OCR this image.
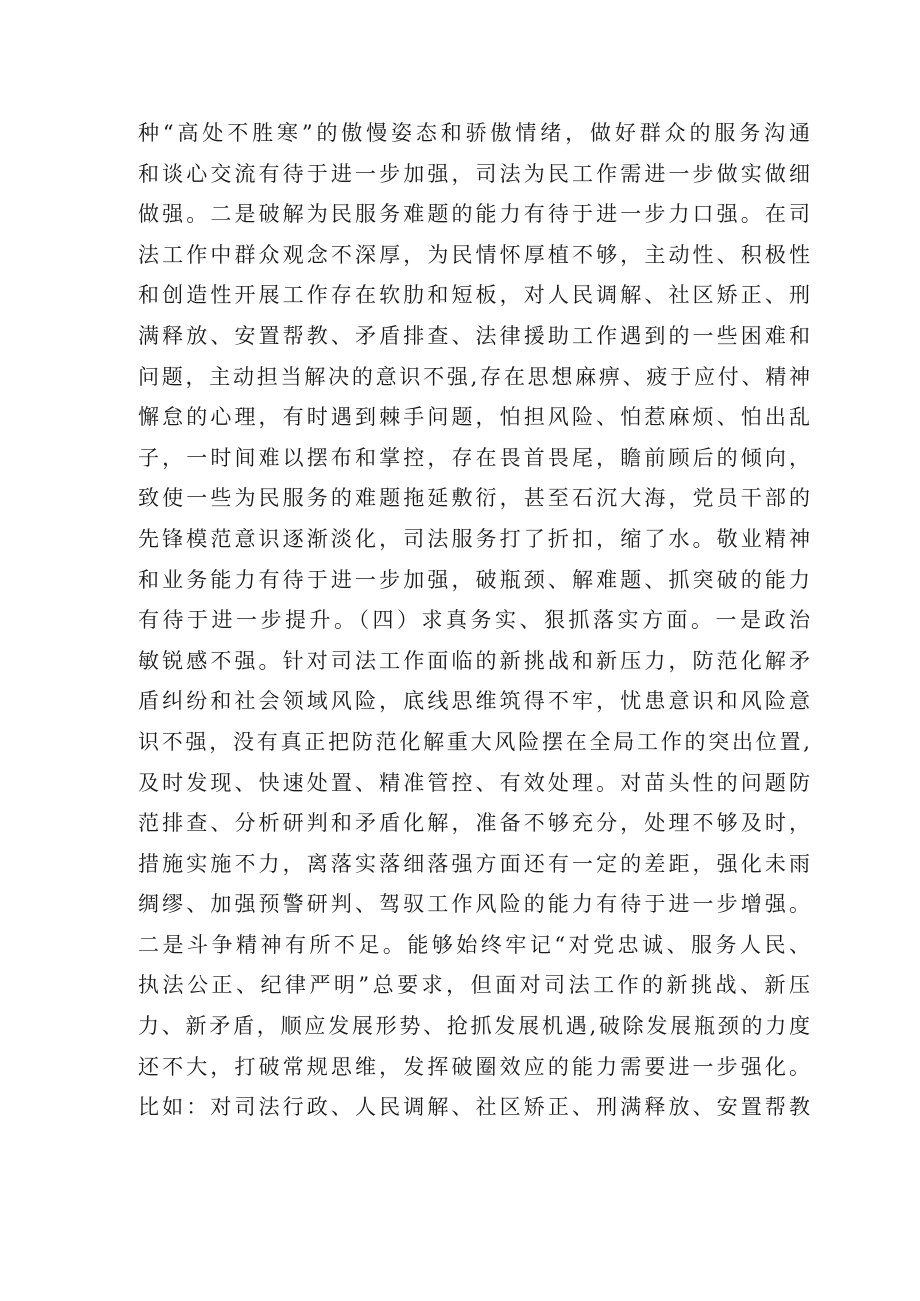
种“高处不胜寒”的傲慢姿态和骄傲情绪，做好群众的服务沟通
和谈心交流有待于进一步加强，司法为民工作需进一步做实做细
做强。二是破解为民服务难题的能力有待于进一步力口强。在司
法工作中群众观念不深厚，为民情怀厚植不够，主动性、积极性
和创造性开展工作存在软肋和短板，对人民调解、社区矫正、刑
满释放、安置帮教、矛盾排查、法律援助工作遇到的一些困难和
问题，主动担当解决的意识不强,存在思想麻痹、疲于应付、精神
懈怠的心理，有时遇到棘手问题，怕担风险、怕惹麻烦、怕出乱
子，一时间难以摆布和掌控，存在畏首畏尾，瞻前顾后的倾向，
致使一些为民服务的难题拖延敷衍，甚至石沉大海，党员干部的
先锋模范意识逐渐淡化，司法服务打了折扣，缩了水。敬业精神
和业务能力有待于进一步加强，破瓶颈、解难题、抓突破的能力
有待于进一步提升。（四）求真务实、狠抓落实方面。一是政治
敏锐感不强。针对司法工作面临的新挑战和新压力，防范化解矛
盾纠纷和社会领域风险，底线思维筑得不牢，忧患意识和风险意
识不强，没有真正把防范化解重大风险摆在全局工作的突出位置,
及时发现、快速处置、精准管控、有效处理。对苗头性的问题防
范排查、分析研判和矛盾化解，准备不够充分，处理不够及时，
措施实施不力，离落实落细落强方面还有一定的差距，强化未雨
绸缪、加强预警研判、驾驭工作风险的能力有待于进一步增强。
二是斗争精神有所不足。能够始终牢记“对党忠诚、服务人民、
执法公正、纪律严明”总要求，但面对司法工作的新挑战、新压
力、新矛盾，顺应发展形势、抢抓发展机遇,破除发展瓶颈的力度
还不大，打破常规思维，发挥破圈效应的能力需要进一步强化。
比如：对司法行政、人民调解、社区矫正、刑满释放、安置帮教
